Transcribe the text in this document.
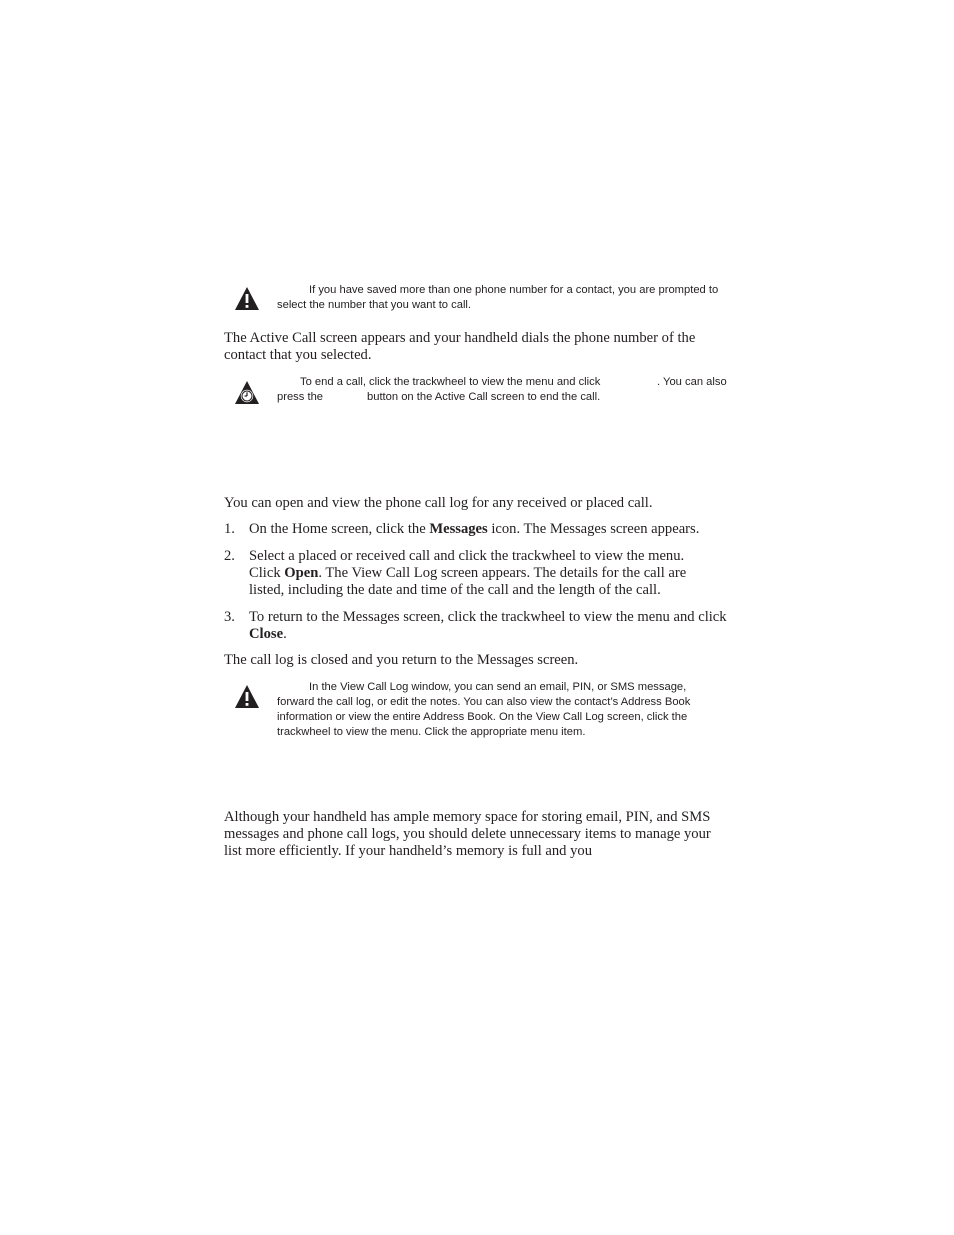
If you have saved more than one phone number for a contact, you are prompted to select the number that you want to call.

The Active Call screen appears and your handheld dials the phone number of the contact that you selected.

To end a call, click the trackwheel to view the menu and click	. You can also
press the	button on the Active Call screen to end the call.

You can open and view the phone call log for any received or placed call.

1. On the Home screen, click the Messages icon. The Messages screen appears.
2. Select a placed or received call and click the trackwheel to view the menu. Click Open. The View Call Log screen appears. The details for the call are listed, including the date and time of the call and the length of the call.
3. To return to the Messages screen, click the trackwheel to view the menu and click Close.

The call log is closed and you return to the Messages screen.

In the View Call Log window, you can send an email, PIN, or SMS message, forward the call log, or edit the notes. You can also view the contact’s Address Book information or view the entire Address Book. On the View Call Log screen, click the trackwheel to view the menu. Click the appropriate menu item.

Although your handheld has ample memory space for storing email, PIN, and SMS messages and phone call logs, you should delete unnecessary items to manage your list more efficiently. If your handheld’s memory is full and you
